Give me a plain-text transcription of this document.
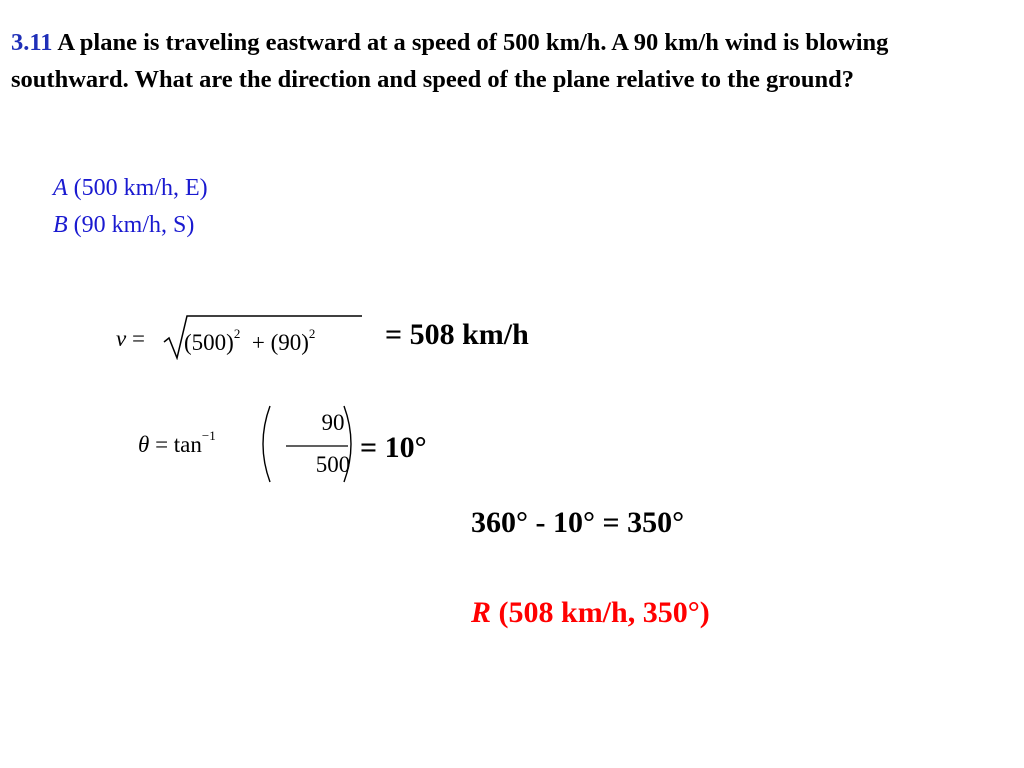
3.11 A plane is traveling eastward at a speed of 500 km/h. A 90 km/h wind is blowing southward. What are the direction and speed of the plane relative to the ground?
A (500 km/h, E)
B (90 km/h, S)
$v = (500)^2 + (90)^2 = 508$ km/h
$\theta = \tan^{-1}$
90
500
= 10°
360° - 10° = 350°
R (508 km/h, 350°)
